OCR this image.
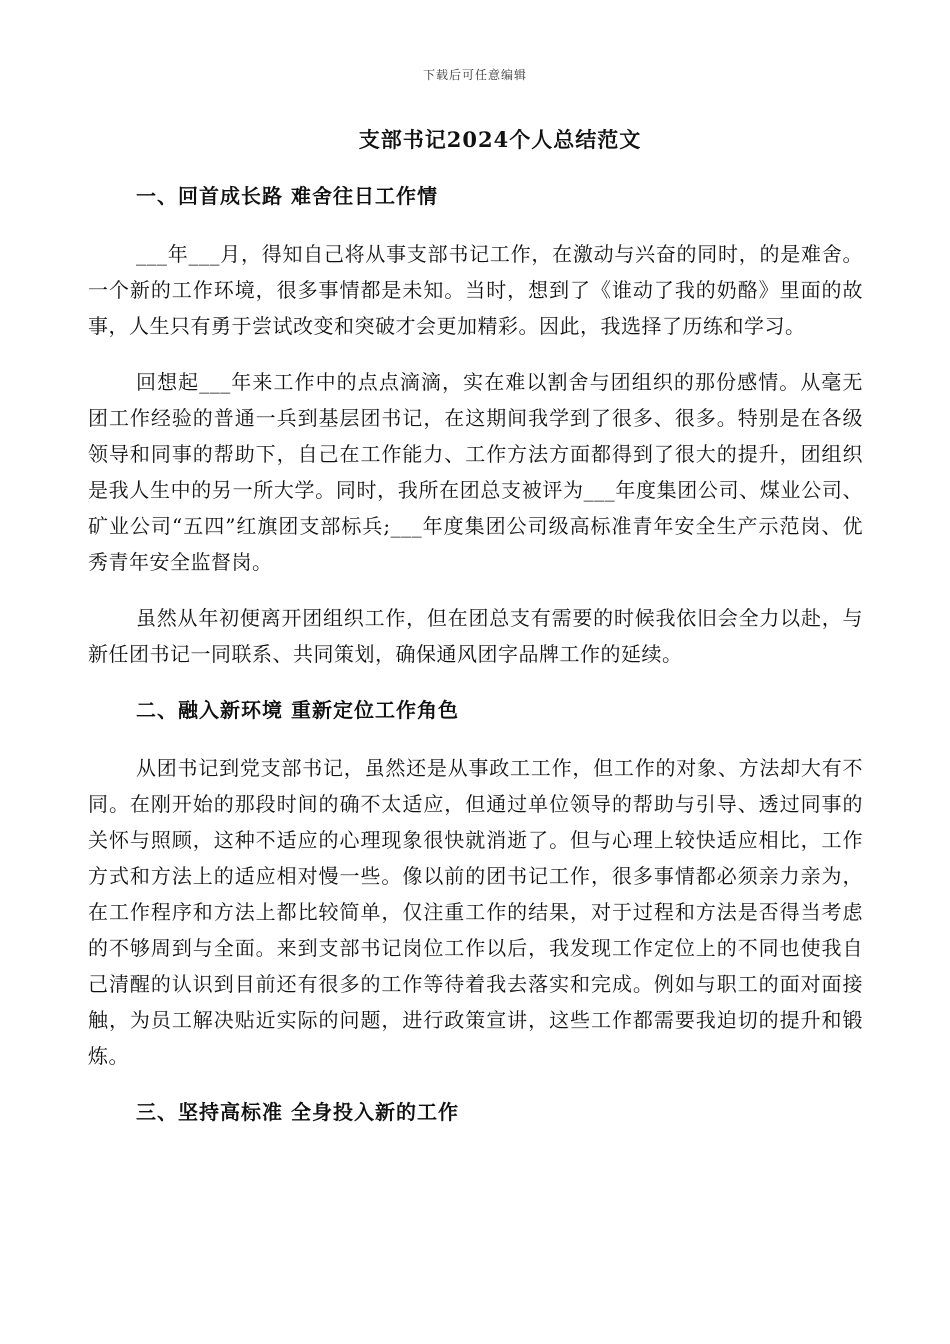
下载后可任意编辑
支部书记2024个人总结范文
一、回首成长路 难舍往日工作情

___年___月，得知自己将从事支部书记工作，在激动与兴奋的同时，的是难舍。一个新的工作环境，很多事情都是未知。当时，想到了《谁动了我的奶酪》里面的故事，人生只有勇于尝试改变和突破才会更加精彩。因此，我选择了历练和学习。

回想起___年来工作中的点点滴滴，实在难以割舍与团组织的那份感情。从毫无团工作经验的普通一兵到基层团书记，在这期间我学到了很多、很多。特别是在各级领导和同事的帮助下，自己在工作能力、工作方法方面都得到了很大的提升，团组织是我人生中的另一所大学。同时，我所在团总支被评为___年度集团公司、煤业公司、矿业公司“五四”红旗团支部标兵;___年度集团公司级高标准青年安全生产示范岗、优秀青年安全监督岗。

虽然从年初便离开团组织工作，但在团总支有需要的时候我依旧会全力以赴，与新任团书记一同联系、共同策划，确保通风团字品牌工作的延续。

二、融入新环境 重新定位工作角色

从团书记到党支部书记，虽然还是从事政工工作，但工作的对象、方法却大有不同。在刚开始的那段时间的确不太适应，但通过单位领导的帮助与引导、透过同事的关怀与照顾，这种不适应的心理现象很快就消逝了。但与心理上较快适应相比，工作方式和方法上的适应相对慢一些。像以前的团书记工作，很多事情都必须亲力亲为，在工作程序和方法上都比较简单，仅注重工作的结果，对于过程和方法是否得当考虑的不够周到与全面。来到支部书记岗位工作以后，我发现工作定位上的不同也使我自己清醒的认识到目前还有很多的工作等待着我去落实和完成。例如与职工的面对面接触，为员工解决贴近实际的问题，进行政策宣讲，这些工作都需要我迫切的提升和锻炼。

三、坚持高标准 全身投入新的工作
